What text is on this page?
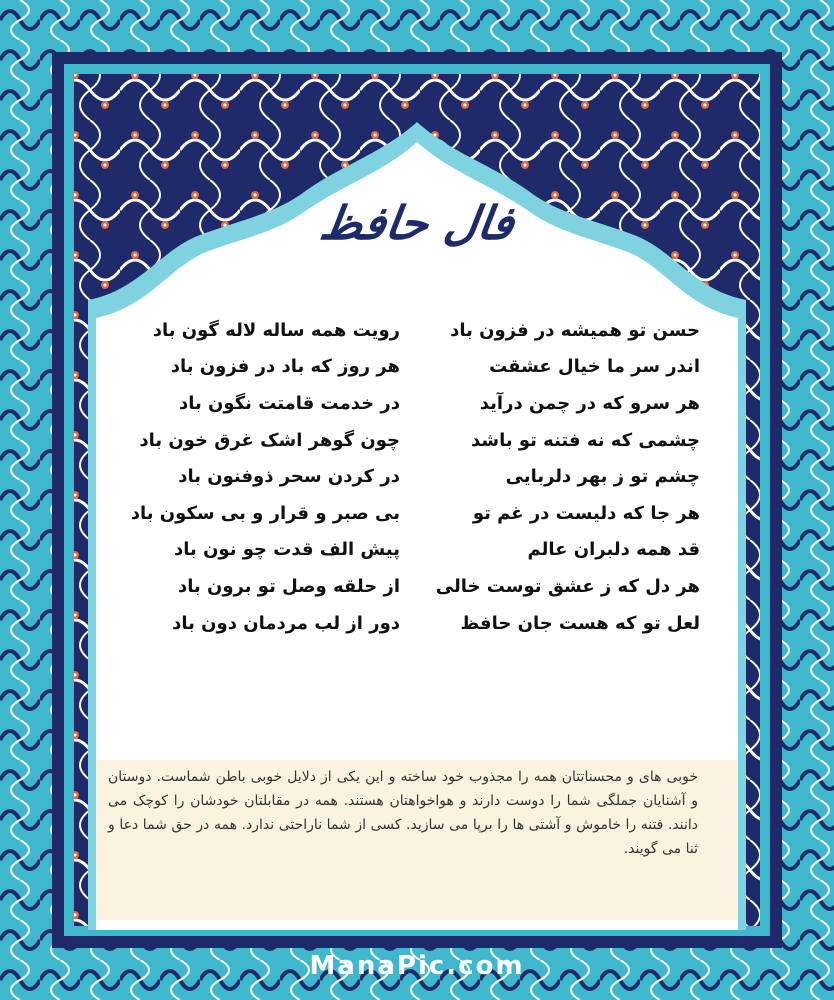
فال حافظ
حسن تو همیشه در فزون باد
رویت همه ساله لاله گون باد
اندر سر ما خیال عشقت
هر روز که باد در فزون باد
هر سرو که در چمن درآید
در خدمت قامتت نگون باد
چشمی که نه فتنه تو باشد
چون گوهر اشک غرق خون باد
چشم تو ز بهر دلربایی
در کردن سحر ذوفنون باد
هر جا که دلیست در غم تو
بی صبر و قرار و بی سکون باد
قد همه دلبران عالم
پیش الف قدت چو نون باد
هر دل که ز عشق توست خالی
از حلقه وصل تو برون باد
لعل تو که هست جان حافظ
دور از لب مردمان دون باد
خوبی های و محسناتتان همه را مجذوب خود ساخته و این یکی از دلایل خوبی باطن شماست. دوستان و آشنایان جملگی شما را دوست دارند و هواخواهتان هستند. همه در مقابلتان خودشان را کوچک می دانند. فتنه را خاموش و آشتی ها را برپا می سازید. کسی از شما ناراحتی ندارد. همه در حق شما دعا و ثنا می گویند.
ManaPic.com
